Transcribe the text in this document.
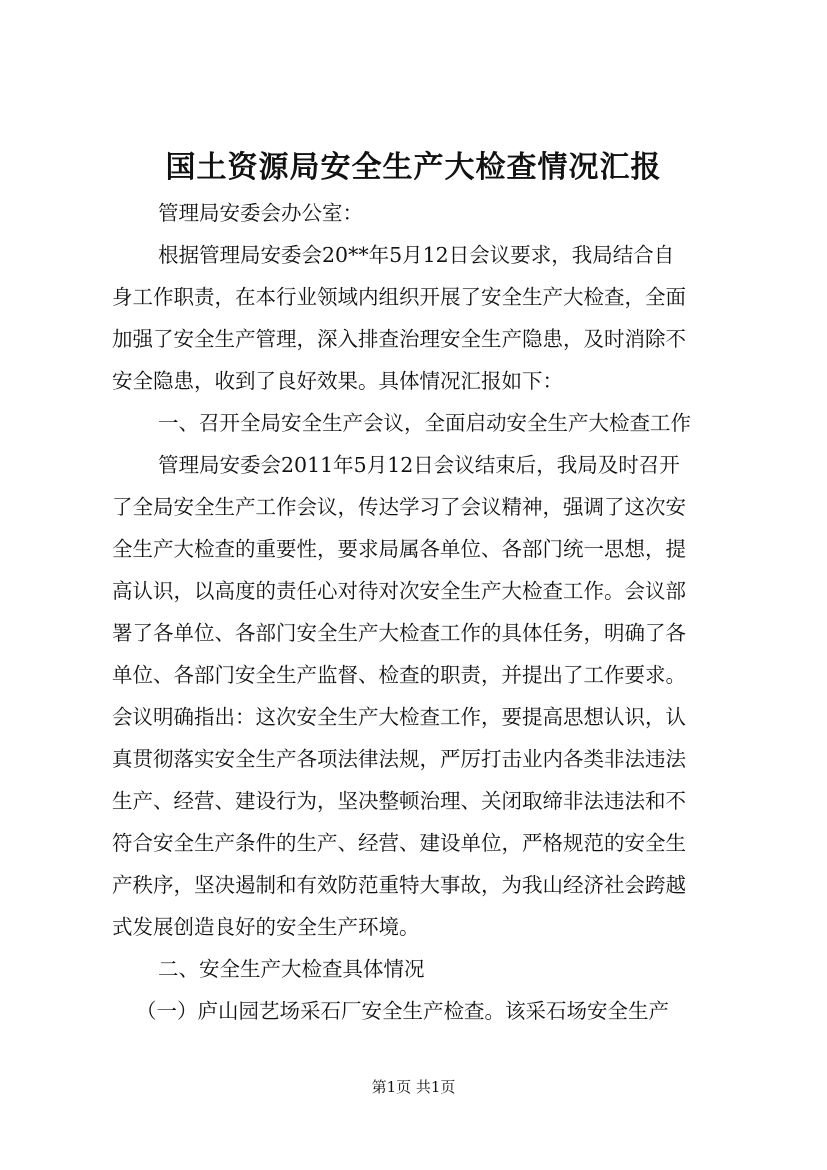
国土资源局安全生产大检查情况汇报
管理局安委会办公室：
根据管理局安委会20**年5月12日会议要求，我局结合自
身工作职责，在本行业领域内组织开展了安全生产大检查，全面
加强了安全生产管理，深入排查治理安全生产隐患，及时消除不
安全隐患，收到了良好效果。具体情况汇报如下：
一、召开全局安全生产会议，全面启动安全生产大检查工作
管理局安委会2011年5月12日会议结束后，我局及时召开
了全局安全生产工作会议，传达学习了会议精神，强调了这次安
全生产大检查的重要性，要求局属各单位、各部门统一思想，提
高认识，以高度的责任心对待对次安全生产大检查工作。会议部
署了各单位、各部门安全生产大检查工作的具体任务，明确了各
单位、各部门安全生产监督、检查的职责，并提出了工作要求。
会议明确指出：这次安全生产大检查工作，要提高思想认识，认
真贯彻落实安全生产各项法律法规，严厉打击业内各类非法违法
生产、经营、建设行为，坚决整顿治理、关闭取缔非法违法和不
符合安全生产条件的生产、经营、建设单位，严格规范的安全生
产秩序，坚决遏制和有效防范重特大事故，为我山经济社会跨越
式发展创造良好的安全生产环境。
二、安全生产大检查具体情况
（一）庐山园艺场采石厂安全生产检查。该采石场安全生产
第1页 共1页
